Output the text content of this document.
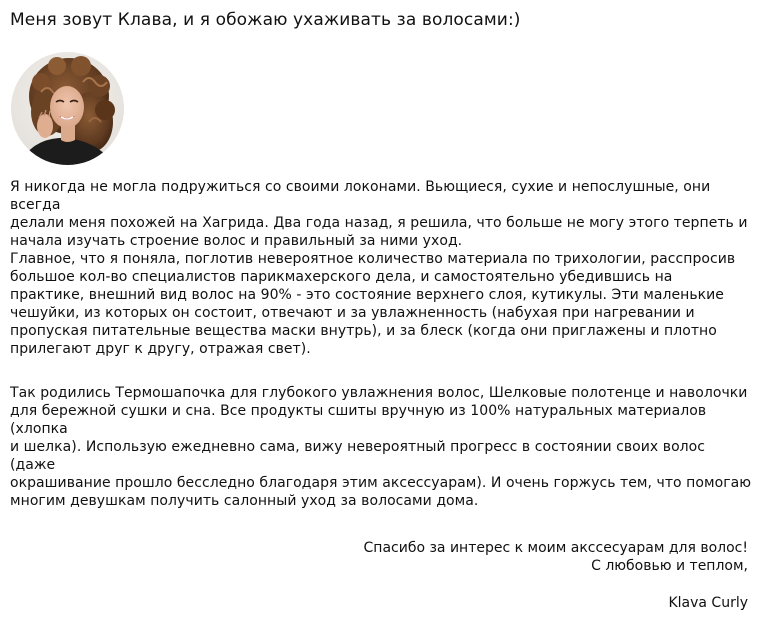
Меня зовут Клава, и я обожаю ухаживать за волосами:)

Я никогда не могла подружиться со своими локонами. Вьющиеся, сухие и непослушные, они всегда
делали меня похожей на Хагрида. Два года назад, я решила, что больше не могу этого терпеть и
начала изучать строение волос и правильный за ними уход.

Главное, что я поняла, поглотив невероятное количество материала по трихологии, расспросив
большое кол-во специалистов парикмахерского дела, и самостоятельно убедившись на
практике, внешний вид волос на 90% - это состояние верхнего слоя, кутикулы. Эти маленькие
чешуйки, из которых он состоит, отвечают и за увлажненность (набухая при нагревании и
пропуская питательные вещества маски внутрь), и за блеск (когда они приглажены и плотно
прилегают друг к другу, отражая свет).

Так родились Термошапочка для глубокого увлажнения волос, Шелковые полотенце и наволочки
для бережной сушки и сна. Все продукты сшиты вручную из 100% натуральных материалов (хлопка
и шелка). Использую ежедневно сама, вижу невероятный прогресс в состоянии своих волос (даже
окрашивание прошло бесследно благодаря этим аксессуарам). И очень горжусь тем, что помогаю
многим девушкам получить салонный уход за волосами дома.

Спасибо за интерес к моим акссесуарам для волос!
С любовью и теплом,
Klava Curly
